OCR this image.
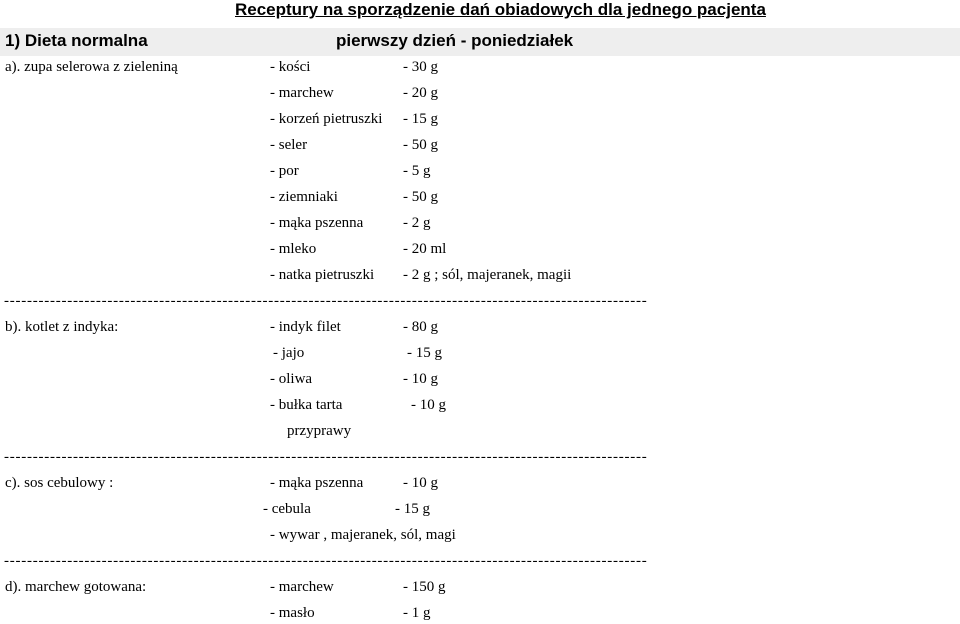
Receptury na sporządzenie dań obiadowych dla jednego pacjenta
1) Dieta normalna	pierwszy dzień - poniedziałek
a). zupa selerowa z zieleniną	- kości	- 30 g
- marchew	- 20 g
- korzeń pietruszki - 15 g
- seler	- 50 g
- por	- 5 g
- ziemniaki	- 50 g
- mąka pszenna	- 2 g
- mleko	- 20 ml
- natka pietruszki - 2 g ; sól, majeranek, magii
----------------------------------------------------------------------------------------------------------------
b). kotlet z indyka:	- indyk filet	- 80 g
- jajo	- 15 g
- oliwa	- 10 g
- bułka tarta	- 10 g
przyprawy
----------------------------------------------------------------------------------------------------------------
c). sos cebulowy :	- mąka pszenna	- 10 g
- cebula	- 15 g
- wywar , majeranek, sól, magi
----------------------------------------------------------------------------------------------------------------
d). marchew gotowana:	- marchew	- 150 g
- masło	- 1 g
